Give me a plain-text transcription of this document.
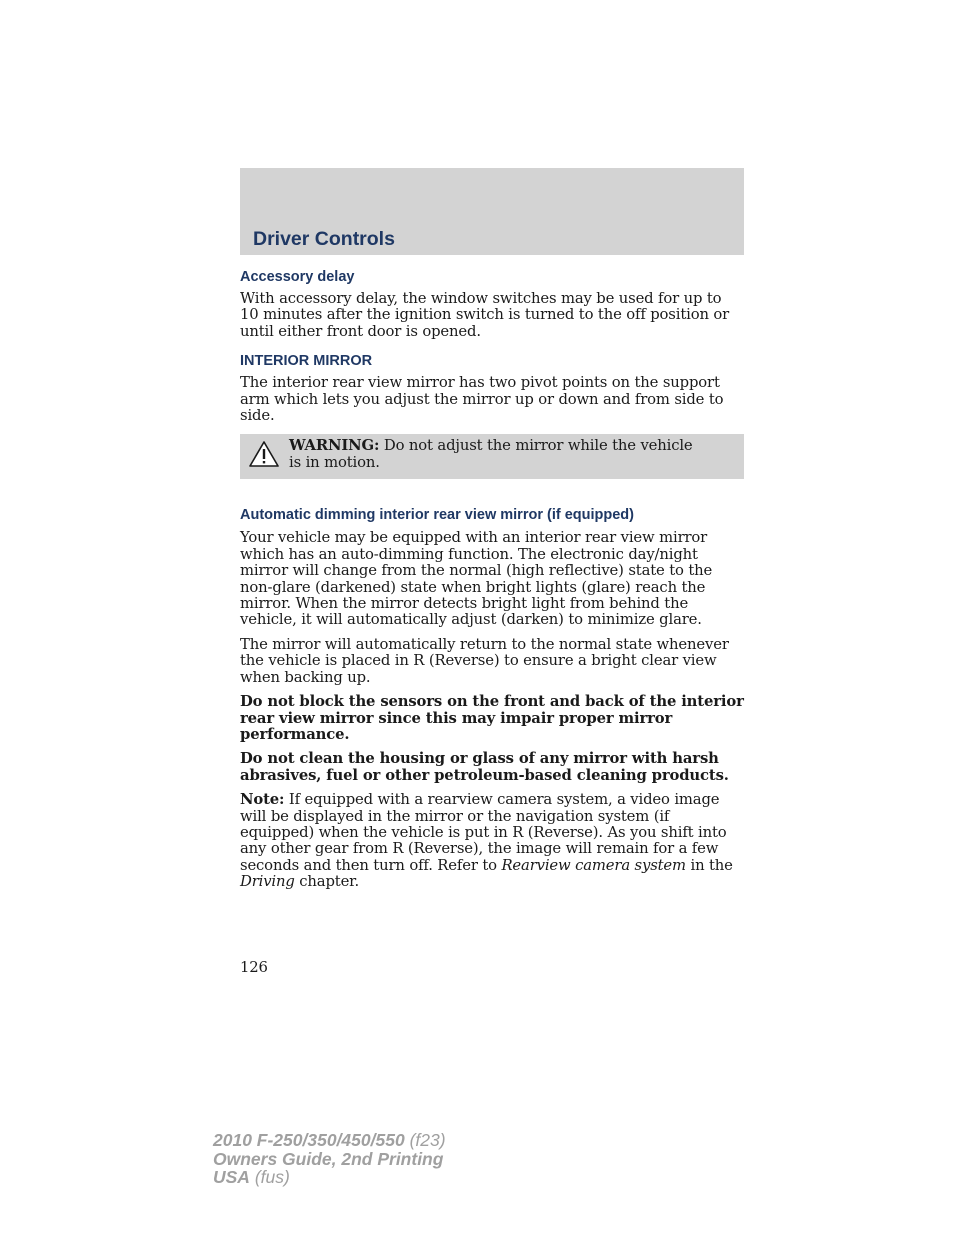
Driver Controls
Accessory delay

With accessory delay, the window switches may be used for up to 10 minutes after the ignition switch is turned to the off position or until either front door is opened.

INTERIOR MIRROR

The interior rear view mirror has two pivot points on the support arm which lets you adjust the mirror up or down and from side to side.

WARNING: Do not adjust the mirror while the vehicle is in motion.

Automatic dimming interior rear view mirror (if equipped)

Your vehicle may be equipped with an interior rear view mirror which has an auto-dimming function. The electronic day/night mirror will change from the normal (high reflective) state to the non-glare (darkened) state when bright lights (glare) reach the mirror. When the mirror detects bright light from behind the vehicle, it will automatically adjust (darken) to minimize glare.

The mirror will automatically return to the normal state whenever the vehicle is placed in R (Reverse) to ensure a bright clear view when backing up.

Do not block the sensors on the front and back of the interior rear view mirror since this may impair proper mirror performance.

Do not clean the housing or glass of any mirror with harsh abrasives, fuel or other petroleum-based cleaning products.

Note: If equipped with a rearview camera system, a video image will be displayed in the mirror or the navigation system (if equipped) when the vehicle is put in R (Reverse). As you shift into any other gear from R (Reverse), the image will remain for a few seconds and then turn off. Refer to Rearview camera system in the Driving chapter.

126

2010 F-250/350/450/550 (f23)
Owners Guide, 2nd Printing
USA (fus)
